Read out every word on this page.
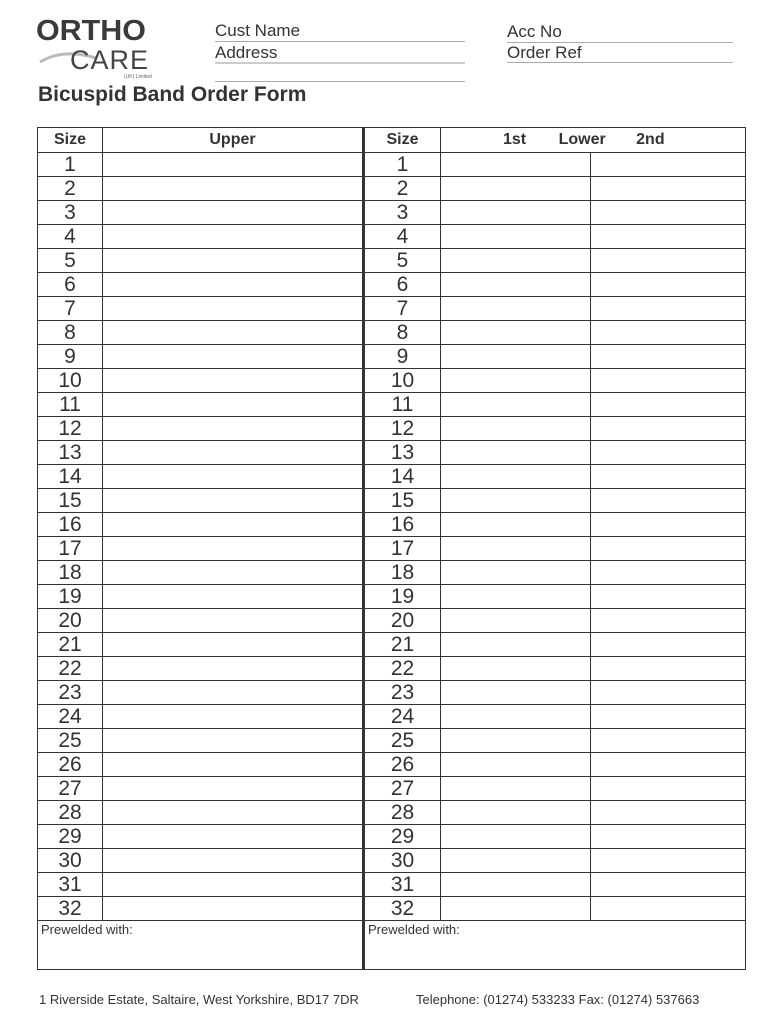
ORTHO
CARE
(UK) Limited
Cust Name
Address
Acc No
Order Ref
Bicuspid Band Order Form
Size	Upper	Size	1st Lower 2nd	
1		1		
2		2		
3		3		
4		4		
5		5		
6		6		
7		7		
8		8		
9		9		
10		10		
11		11		
12		12		
13		13		
14		14		
15		15		
16		16		
17		17		
18		18		
19		19		
20		20		
21		21		
22		22		
23		23		
24		24		
25		25		
26		26		
27		27		
28		28		
29		29		
30		30		
31		31		
32		32		
Prewelded with:		Prewelded with:		
1 Riverside Estate, Saltaire, West Yorkshire, BD17 7DR	Telephone: (01274) 533233 Fax: (01274) 537663
